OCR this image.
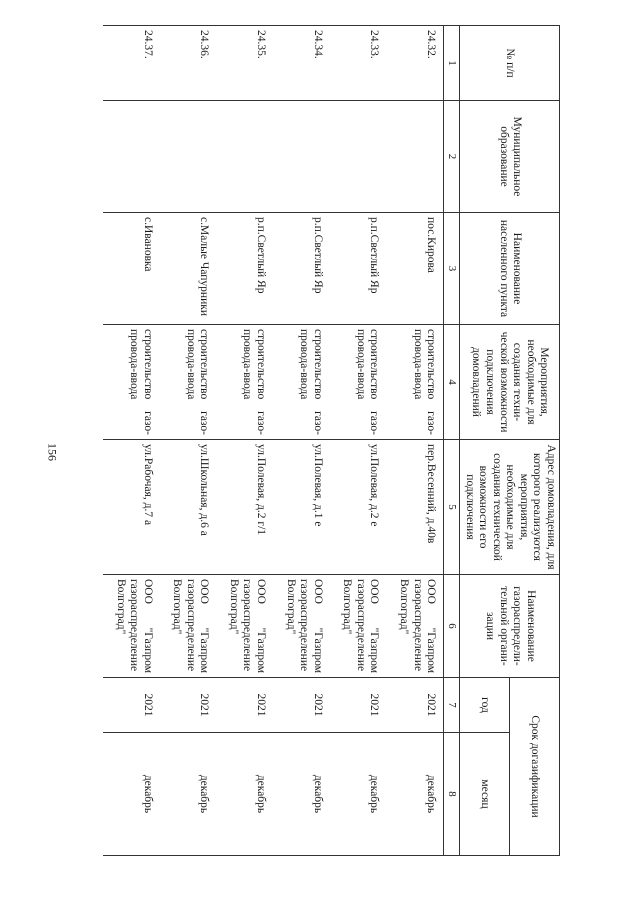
156
№ п/п	Муниципальное образование	Наименование населенного пункта	Мероприятия, необходимые для создания техни-ческой возможности подключения домовладений	Адрес домовладения, для которого реализуются мероприятия, необходимые для создания технической возможности его подключения	Наименование газораспредели-тельной органи-зации	Срок догазификации	
						год	месяц
1	2	3	4	5	6	7	8
24.32.		пос.Кирова	строительство газо-провода-ввода	пер.Весенний, д.40в	ООО "Газпром газораспределение Волгоград"	2021	декабрь
24.33.		р.п.Светлый Яр	строительство газо-провода-ввода	ул.Полевая, д.2 е	ООО "Газпром газораспределение Волгоград"	2021	декабрь
24.34.		р.п.Светлый Яр	строительство газо-провода-ввода	ул.Полевая, д.1 е	ООО "Газпром газораспределение Волгоград"	2021	декабрь
24.35.		р.п.Светлый Яр	строительство газо-провода-ввода	ул.Полевая, д.2 г/1	ООО "Газпром газораспределение Волгоград"	2021	декабрь
24.36.		с.Малые Чапурники	строительство газо-провода-ввода	ул.Школьная, д.6 а	ООО "Газпром газораспределение Волгоград"	2021	декабрь
24.37.		с.Ивановка	строительство газо-провода-ввода	ул.Рабочая, д.7 а	ООО "Газпром газораспределение Волгоград"	2021	декабрь
